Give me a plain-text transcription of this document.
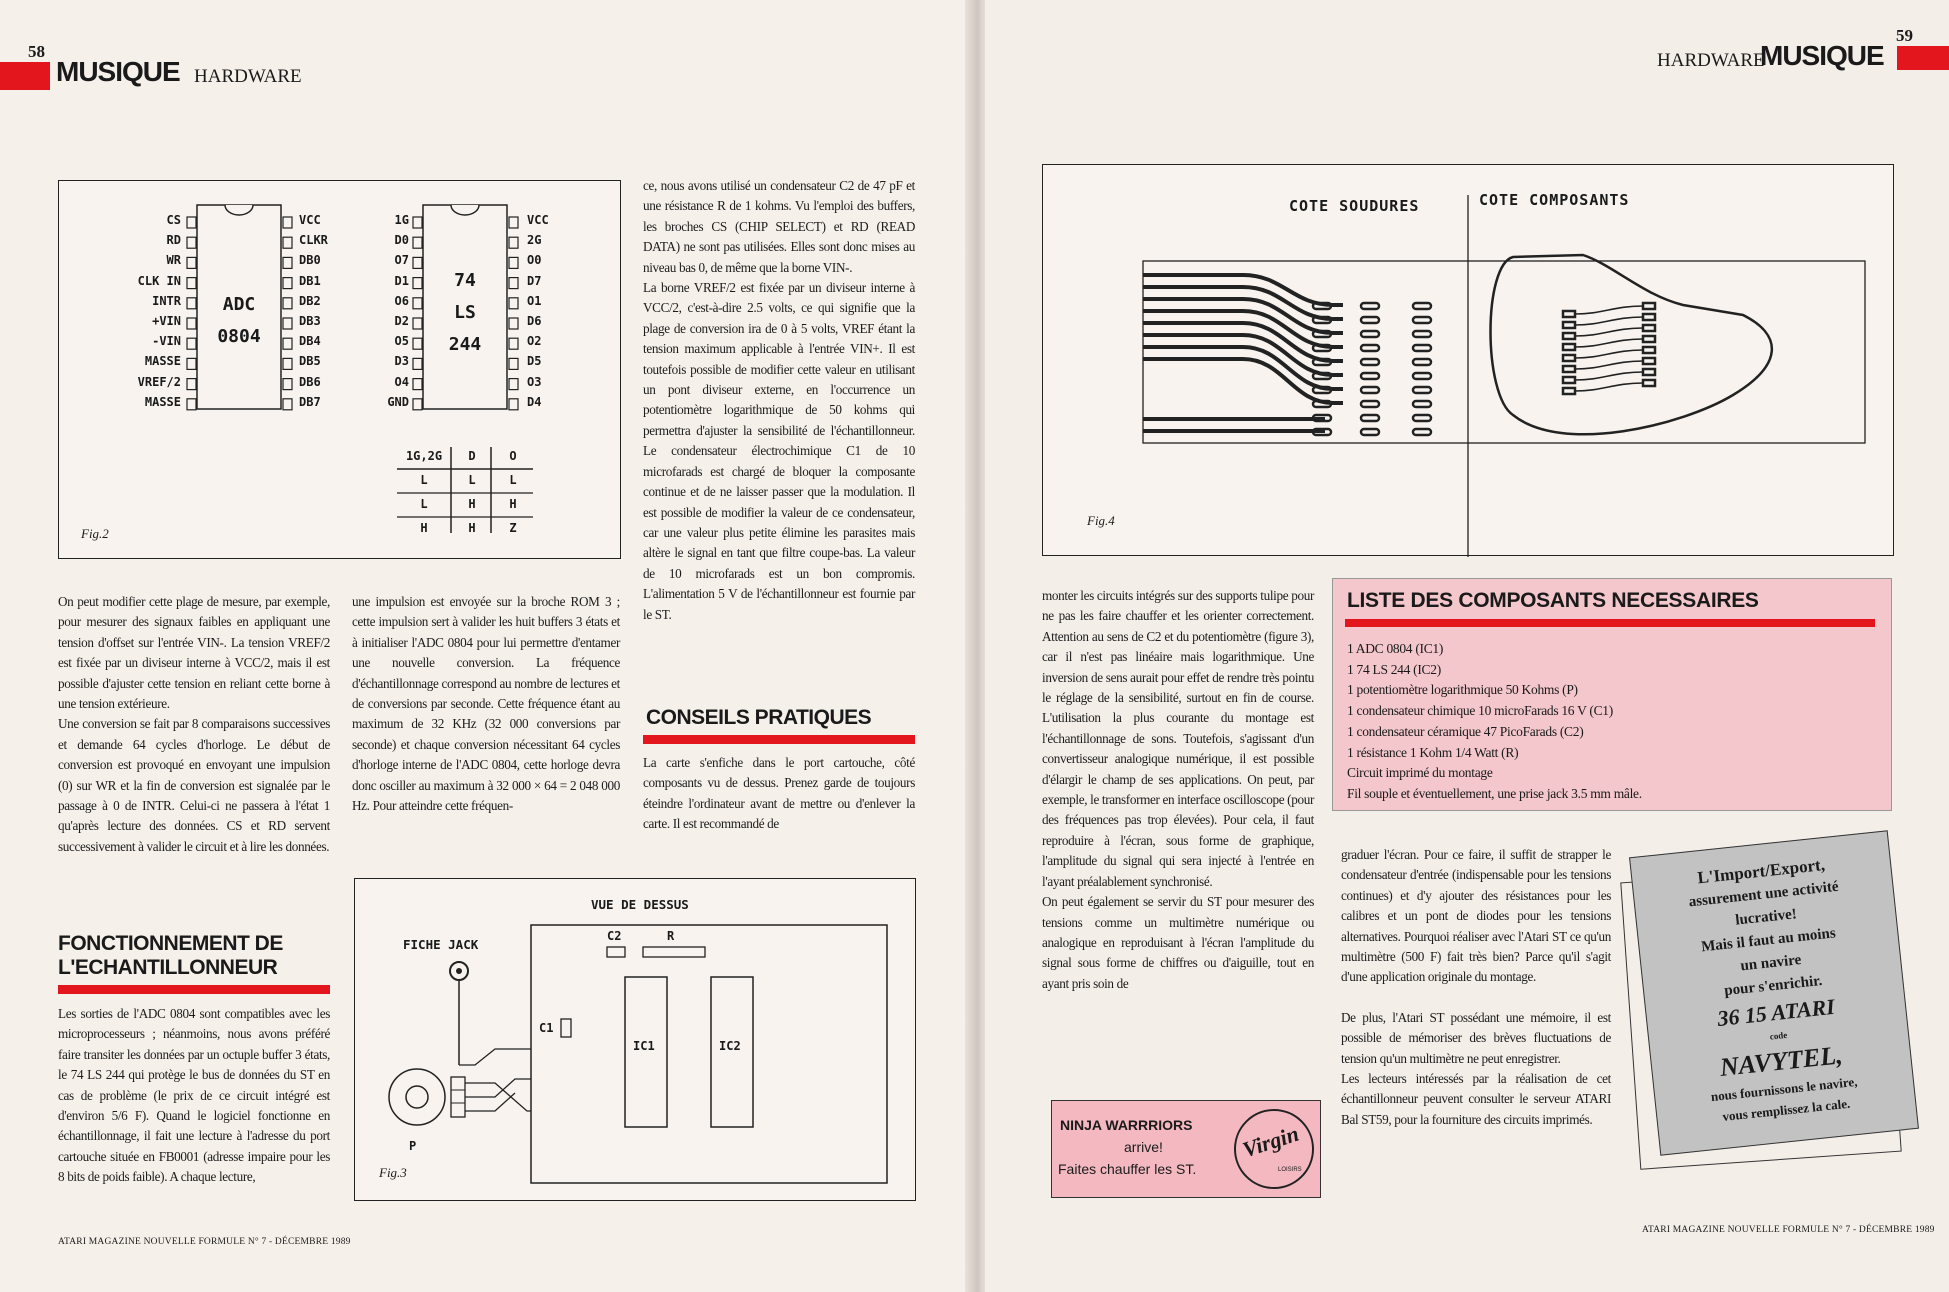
58
MUSIQUE HARDWARE
CS
RD
WR
CLK IN
INTR
+VIN
-VIN
MASSE
VREF/2
MASSE
VCC
CLKR
DB0
DB1
DB2
DB3
DB4
DB5
DB6
DB7
ADC
0804
1G
D0
O7
D1
O6
D2
O5
D3
O4
GND
VCC
2G
O0
D7
O1
D6
O2
D5
O3
D4
74
LS
244
1G,2G	D	O
L	L	L
L	H	H
H	H	Z
Fig.2

On peut modifier cette plage de mesure, par exemple, pour mesurer des signaux faibles en appliquant une tension d'offset sur l'entrée VIN-. La tension VREF/2 est fixée par un diviseur interne à VCC/2, mais il est possible d'ajuster cette tension en reliant cette borne à une tension extérieure.

Une conversion se fait par 8 comparaisons successives et demande 64 cycles d'horloge. Le début de conversion est provoqué en envoyant une impulsion (0) sur WR et la fin de conversion est signalée par le passage à 0 de INTR. Celui-ci ne passera à l'état 1 qu'après lecture des données. CS et RD servent successivement à valider le circuit et à lire les données.

FONCTIONNEMENT DE
L'ECHANTILLONNEUR

Les sorties de l'ADC 0804 sont compatibles avec les microprocesseurs ; néanmoins, nous avons préféré faire transiter les données par un octuple buffer 3 états, le 74 LS 244 qui protège le bus de données du ST en cas de problème (le prix de ce circuit intégré est d'environ 5/6 F). Quand le logiciel fonctionne en échantillonnage, il fait une lecture à l'adresse du port cartouche située en FB0001 (adresse impaire pour les 8 bits de poids faible). A chaque lecture,

une impulsion est envoyée sur la broche ROM 3 ; cette impulsion sert à valider les huit buffers 3 états et à initialiser l'ADC 0804 pour lui permettre d'entamer une nouvelle conversion. La fréquence d'échantillonnage correspond au nombre de lectures et de conversions par seconde. Cette fréquence étant au maximum de 32 KHz (32 000 conversions par seconde) et chaque conversion nécessitant 64 cycles d'horloge interne de l'ADC 0804, cette horloge devra donc osciller au maximum à 32 000 × 64 = 2 048 000 Hz. Pour atteindre cette fréquen-

ce, nous avons utilisé un condensateur C2 de 47 pF et une résistance R de 1 kohms. Vu l'emploi des buffers, les broches CS (CHIP SELECT) et RD (READ DATA) ne sont pas utilisées. Elles sont donc mises au niveau bas 0, de même que la borne VIN-.

La borne VREF/2 est fixée par un diviseur interne à VCC/2, c'est-à-dire 2.5 volts, ce qui signifie que la plage de conversion ira de 0 à 5 volts, VREF étant la tension maximum applicable à l'entrée VIN+. Il est toutefois possible de modifier cette valeur en utilisant un pont diviseur externe, en l'occurrence un potentiomètre logarithmique de 50 kohms qui permettra d'ajuster la sensibilité de l'échantillonneur. Le condensateur électrochimique C1 de 10 microfarads est chargé de bloquer la composante continue et de ne laisser passer que la modulation. Il est possible de modifier la valeur de ce condensateur, car une valeur plus petite élimine les parasites mais altère le signal en tant que filtre coupe-bas. La valeur de 10 microfarads est un bon compromis. L'alimentation 5 V de l'échantillonneur est fournie par le ST.

CONSEILS PRATIQUES

La carte s'enfiche dans le port cartouche, côté composants vu de dessus. Prenez garde de toujours éteindre l'ordinateur avant de mettre ou d'enlever la carte. Il est recommandé de

VUE DE DESSUS
FICHE JACK
C2	R
C1
IC1	IC2
P
Fig.3
ATARI MAGAZINE NOUVELLE FORMULE N° 7 - DÉCEMBRE 1989
HARDWARE
MUSIQUE
59
COTE SOUDURES	COTE COMPOSANTS
Fig.4

monter les circuits intégrés sur des supports tulipe pour ne pas les faire chauffer et les orienter correctement. Attention au sens de C2 et du potentiomètre (figure 3), car il n'est pas linéaire mais logarithmique. Une inversion de sens aurait pour effet de rendre très pointu le réglage de la sensibilité, surtout en fin de course. L'utilisation la plus courante du montage est l'échantillonnage de sons. Toutefois, s'agissant d'un convertisseur analogique numérique, il est possible d'élargir le champ de ses applications. On peut, par exemple, le transformer en interface oscilloscope (pour des fréquences pas trop élevées). Pour cela, il faut reproduire à l'écran, sous forme de graphique, l'amplitude du signal qui sera injecté à l'entrée en l'ayant préalablement synchronisé.

On peut également se servir du ST pour mesurer des tensions comme un multimètre numérique ou analogique en reproduisant à l'écran l'amplitude du signal sous forme de chiffres ou d'aiguille, tout en ayant pris soin de

graduer l'écran. Pour ce faire, il suffit de strapper le condensateur d'entrée (indispensable pour les tensions continues) et d'y ajouter des résistances pour les calibres et un pont de diodes pour les tensions alternatives. Pourquoi réaliser avec l'Atari ST ce qu'un multimètre (500 F) fait très bien? Parce qu'il s'agit d'une application originale du montage.

De plus, l'Atari ST possédant une mémoire, il est possible de mémoriser des brèves fluctuations de tension qu'un multimètre ne peut enregistrer.

Les lecteurs intéressés par la réalisation de cet échantillonneur peuvent consulter le serveur ATARI Bal ST59, pour la fourniture des circuits imprimés.

NINJA WARRRIORS
arrive!
Faites chauffer les ST.
Virgin
LOISIRS
LISTE DES COMPOSANTS NECESSAIRES
1 ADC 0804 (IC1)
1 74 LS 244 (IC2)
1 potentiomètre logarithmique 50 Kohms (P)
1 condensateur chimique 10 microFarads 16 V (C1)
1 condensateur céramique 47 PicoFarads (C2)
1 résistance 1 Kohm 1/4 Watt (R)
Circuit imprimé du montage
Fil souple et éventuellement, une prise jack 3.5 mm mâle.
L'Import/Export,
assurement une activité
lucrative!
Mais il faut au moins
un navire
pour s'enrichir.
36 15 ATARI
code
NAVYTEL,
nous fournissons le navire,
vous remplissez la cale.
ATARI MAGAZINE NOUVELLE FORMULE N° 7 - DÉCEMBRE 1989
